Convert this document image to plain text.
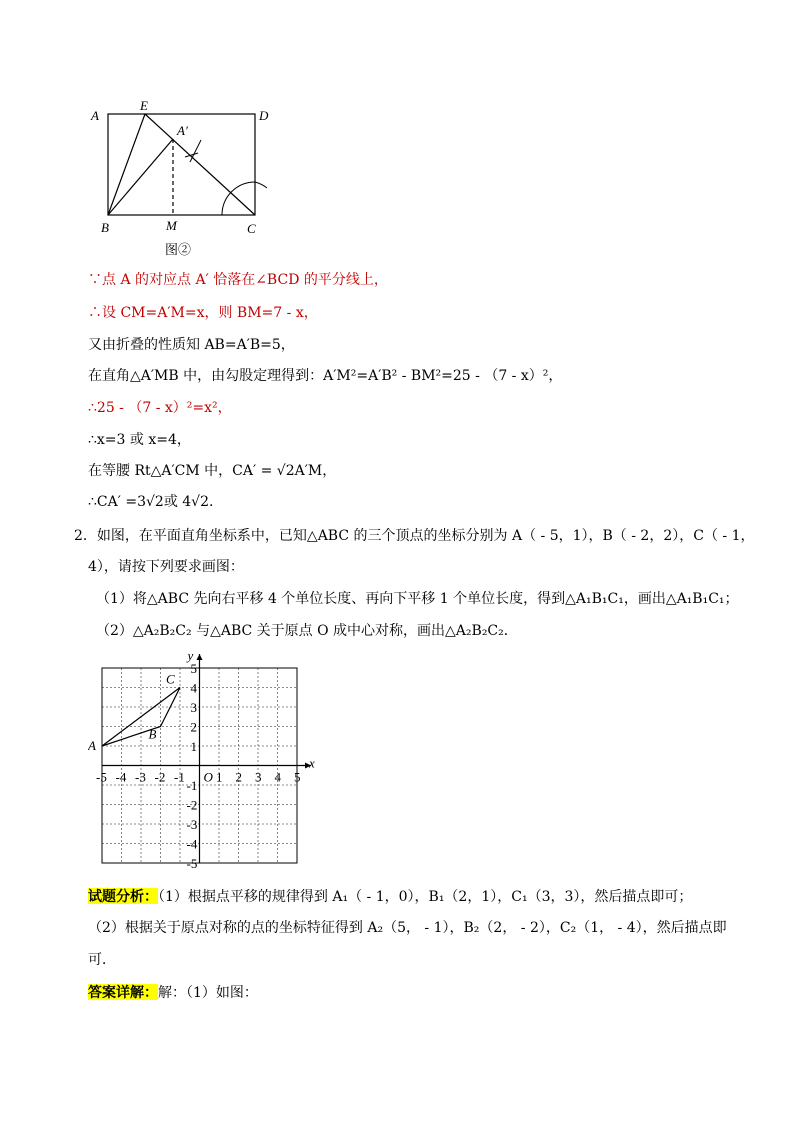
A
E
D
A′
B	M	C
图②
∵点 A 的对应点 A′ 恰落在∠BCD 的平分线上，
∴设 CM=A′M=x，则 BM=7 - x，
又由折叠的性质知 AB=A′B=5，
在直角△A′MB 中，由勾股定理得到：A′M²=A′B² - BM²=25 - （7 - x）²，
∴25 - （7 - x）²=x²，
∴x=3 或 x=4，
在等腰 Rt△A′CM 中，CA′ = √2A′M，
∴CA′ =3√2或 4√2.
2．如图，在平面直角坐标系中，已知△ABC 的三个顶点的坐标分别为 A（ - 5，1），B（ - 2，2），C（ - 1，
4），请按下列要求画图：
（1）将△ABC 先向右平移 4 个单位长度、再向下平移 1 个单位长度，得到△A₁B₁C₁，画出△A₁B₁C₁；
（2）△A₂B₂C₂ 与△ABC 关于原点 O 成中心对称，画出△A₂B₂C₂．
x
y
O
-5 -4 -3 -2 -1 1 2 3 4 5
5
4
3
2
1
-1
-2
-3
-4
-5
A
B
C
试题分析：（1）根据点平移的规律得到 A₁（ - 1，0），B₁（2，1），C₁（3，3），然后描点即可；
（2）根据关于原点对称的点的坐标特征得到 A₂（5， - 1），B₂（2， - 2），C₂（1， - 4），然后描点即
可．
答案详解：解：（1）如图：
